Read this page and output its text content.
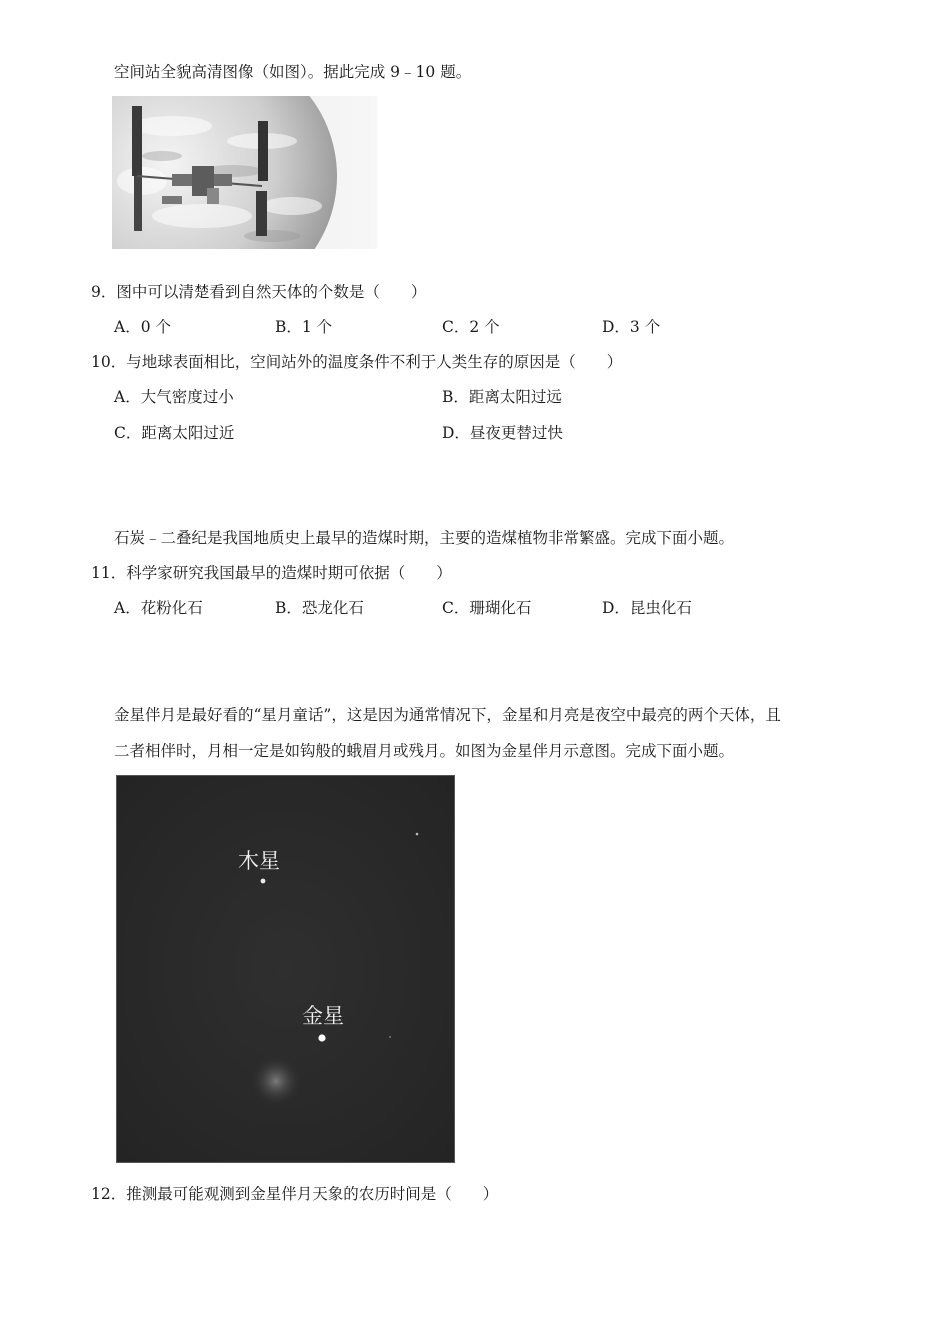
空间站全貌高清图像（如图）。据此完成 9﹣10 题。
9．图中可以清楚看到自然天体的个数是（　　）
A．0 个	B．1 个	C．2 个	D．3 个
10．与地球表面相比，空间站外的温度条件不利于人类生存的原因是（　　）
A．大气密度过小	B．距离太阳过远
C．距离太阳过近	D．昼夜更替过快
石炭﹣二叠纪是我国地质史上最早的造煤时期，主要的造煤植物非常繁盛。完成下面小题。
11．科学家研究我国最早的造煤时期可依据（　　）
A．花粉化石	B．恐龙化石	C．珊瑚化石	D．昆虫化石
金星伴月是最好看的“星月童话”，这是因为通常情况下，金星和月亮是夜空中最亮的两个天体，且
二者相伴时，月相一定是如钩般的蛾眉月或残月。如图为金星伴月示意图。完成下面小题。
木星
金星
12．推测最可能观测到金星伴月天象的农历时间是（　　）
